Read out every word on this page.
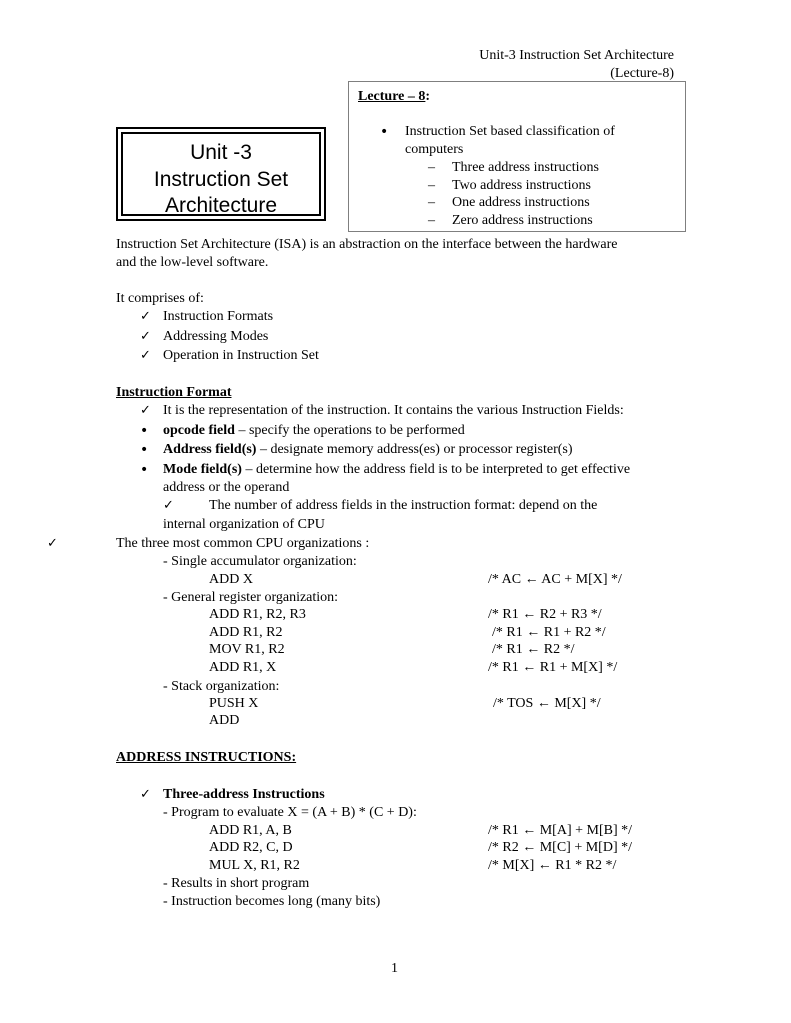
Unit-3 Instruction Set Architecture
(Lecture-8)
Lecture – 8:
• Instruction Set based classification of
computers
– Three address instructions
– Two address instructions
– One address instructions
– Zero address instructions
Unit -3
Instruction Set
Architecture
Instruction Set Architecture (ISA) is an abstraction on the interface between the hardware
and the low-level software.
It comprises of:
✓ Instruction Formats
✓ Addressing Modes
✓ Operation in Instruction Set
Instruction Format
✓ It is the representation of the instruction. It contains the various Instruction Fields:
• opcode field – specify the operations to be performed
• Address field(s) – designate memory address(es) or processor register(s)
• Mode field(s) – determine how the address field is to be interpreted to get effective
address or the operand
✓	The number of address fields in the instruction format: depend on the
internal organization of CPU
✓	The three most common CPU organizations :
- Single accumulator organization:
ADD X	/* AC ← AC + M[X] */
- General register organization:
ADD R1, R2, R3	/* R1 ← R2 + R3 */
ADD R1, R2	/* R1 ← R1 + R2 */
MOV R1, R2	/* R1 ← R2 */
ADD R1, X	/* R1 ← R1 + M[X] */
- Stack organization:
PUSH X	/* TOS ← M[X] */
ADD
ADDRESS INSTRUCTIONS:
✓ Three-address Instructions
- Program to evaluate X = (A + B) * (C + D):
ADD R1, A, B	/* R1 ← M[A] + M[B] */
ADD R2, C, D	/* R2 ← M[C] + M[D] */
MUL X, R1, R2	/* M[X] ← R1 * R2 */
- Results in short program
- Instruction becomes long (many bits)
1
